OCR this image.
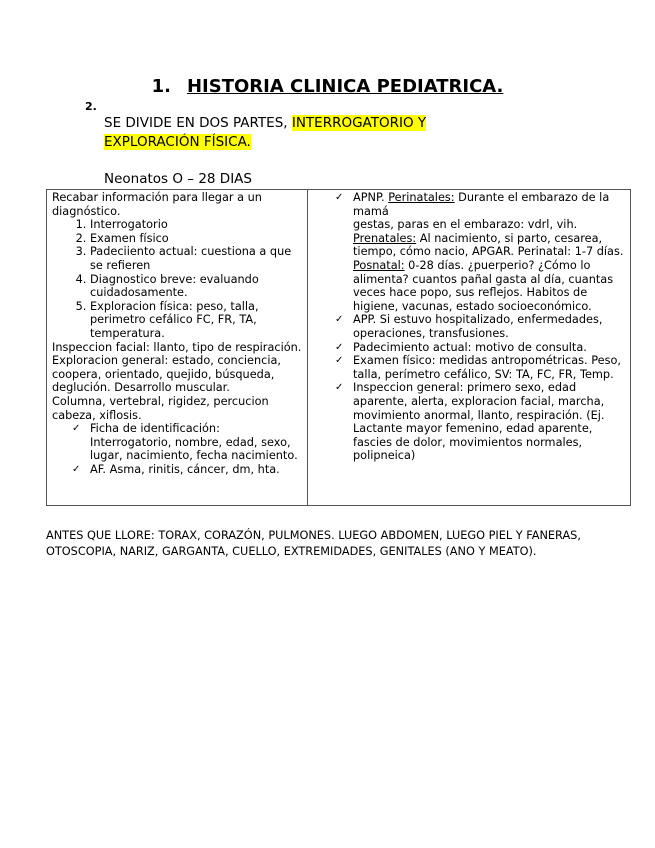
1. HISTORIA CLINICA PEDIATRICA.
2.
SE DIVIDE EN DOS PARTES, INTERROGATORIO Y EXPLORACIÓN FÍSICA.
Neonatos O – 28 DIAS
Recabar información para llegar a un diagnóstico.
1. Interrogatorio
2. Examen físico
3. Padeciiento actual: cuestiona a que se refieren
4. Diagnostico breve: evaluando cuidadosamente.
5. Exploracion física: peso, talla, perimetro cefálico FC, FR, TA, temperatura.
Inspeccion facial: llanto, tipo de respiración.
Exploracion general: estado, conciencia, coopera, orientado, quejido, búsqueda, deglución. Desarrollo muscular.
Columna, vertebral, rigidez, percucion cabeza, xiflosis.
✓ Ficha de identificación: Interrogatorio, nombre, edad, sexo, lugar, nacimiento, fecha nacimiento.
✓ AF. Asma, rinitis, cáncer, dm, hta.

✓ APNP. Perinatales: Durante el embarazo de la mamá
gestas, paras en el embarazo: vdrl, vih.
Prenatales: Al nacimiento, si parto, cesarea, tiempo, cómo nacio, APGAR. Perinatal: 1-7 días.
Posnatal: 0-28 días. ¿puerperio? ¿Cómo lo alimenta? cuantos pañal gasta al día, cuantas veces hace popo, sus reflejos. Habitos de higiene, vacunas, estado socioeconómico.
✓ APP. Si estuvo hospitalizado, enfermedades, operaciones, transfusiones.
✓ Padecimiento actual: motivo de consulta.
✓ Examen físico: medidas antropométricas. Peso, talla, perímetro cefálico, SV: TA, FC, FR, Temp.
✓ Inspeccion general: primero sexo, edad aparente, alerta, exploracion facial, marcha, movimiento anormal, llanto, respiración. (Ej. Lactante mayor femenino, edad aparente, fascies de dolor, movimientos normales, polipneica)
ANTES QUE LLORE: TORAX, CORAZÓN, PULMONES. LUEGO ABDOMEN, LUEGO PIEL Y FANERAS, OTOSCOPIA, NARIZ, GARGANTA, CUELLO, EXTREMIDADES, GENITALES (ANO Y MEATO).
